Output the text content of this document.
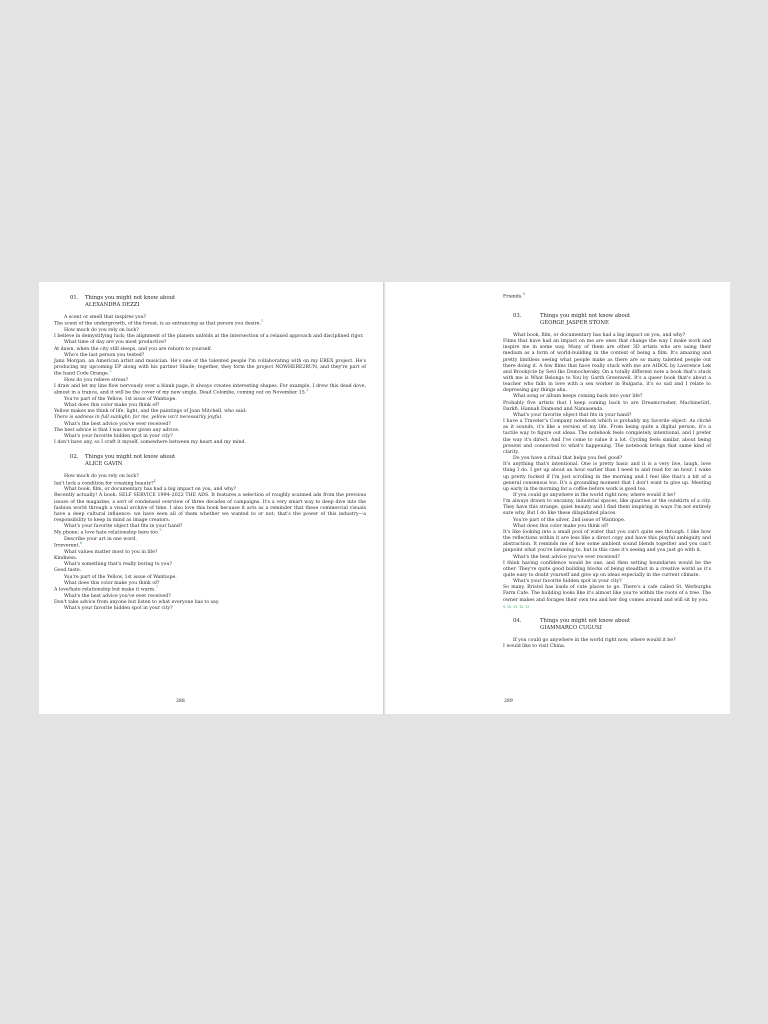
01.	Things you might not know about
ALEXANDRA DEZZI

A scent or smell that inspires you?

The scent of the undergrowth, of the forest, is as entrancing as that person you desire.$^1$

How much do you rely on luck?

I believe in demystifying luck; the alignment of the planets unfolds at the intersection of a relaxed approach and disciplined rigor.

What time of day are you most productive?

At dawn, when the city still sleeps, and you are reborn to yourself.

Who's the last person you texted?

Jami Morgan, an American artist and musician. He's one of the talented people I'm collaborating with on my EREX project. He's producing my upcoming EP along with his partner Shade; together, they form the project NOWHERE2RUN, and they're part of the band Code Orange.$^2$

How do you relieve stress?

I draw and let my line flow nervously over a blank page; it always creates interesting shapes. For example, I drew this dead dove, almost in a trance, and it will be the cover of my new single, Dead Colombe, coming out on November 15.$^3$

You're part of the Yellow, 1st issue of Wantiope.

What does this color make you think of?

Yellow makes me think of life, light, and the paintings of Joan Mitchell, who said:

There is sadness in full sunlight; for me, yellow isn't necessarily joyful.

What's the best advice you've ever received?

The best advice is that I was never given any advice.

What's your favorite hidden spot in your city?

I don't have any, so I craft it myself, somewhere between my heart and my mind.

02.	Things you might not know about
ALICE GAVIN

How much do you rely on luck?

Isn't luck a condition for creating beauty?$^4$

What book, film, or documentary has had a big impact on you, and why?

Recently actually! A book: SELF SERVICE 1994–2022 THE ADS. It features a selection of roughly scanned ads from the previous issues of the magazine, a sort of condensed overview of three decades of campaigns. It's a very smart way to deep dive into the fashion world through a visual archive of time. I also love this book because it acts as a reminder that these commercial visuals have a deep cultural influence: we have seen all of them whether we wanted to or not; that's the power of this industry—a responsibility to keep in mind as image creators.

What's your favorite object that fits in your hand?

My phone; a love hate relationship here too.$^5$

Describe your art in one word.

Irreverent.$^6$

What values matter most to you in life?

Kindness.

What's something that's really boring to you?

Good taste.

You're part of the Yellow, 1st issue of Wantiope.

What does this color make you think of?

A love/hate relationship but make it warm.$^7$

What's the best advice you've ever received?

Don't take advice from anyone but listen to what everyone has to say.

What's your favorite hidden spot in your city?

288

Friends.$^8$

03.	Things you might not know about
GEORGE JASPER STONE

What book, film, or documentary has had a big impact on you, and why?

Films that have had an impact on me are ones that change the way I make work and inspire me in some way. Many of them are other 3D artists who are using their medium as a form of world-building in the context of being a film. It's amazing and pretty limitless seeing what people make as there are so many talented people out there doing it. A few films that have really stuck with me are AIDOL by Lawrence Lek and Brookycle by Sevi Iko Domochevsky. On a totally different note a book that's stuck with me is What Belongs to You by Garth Greenwell. It's a queer book that's about a teacher who falls in love with a sex worker in Bulgaria, it's so sad and I relate to depressing gay things aha.

What song or album keeps coming back into your life?

Probably five artists that I keep coming back to are Dreamcrusher, MachineGirl, Darkfi, Hannah Diamond and Namasenda.

What's your favorite object that fits in your hand?

I have a Traveler's Company notebook which is probably my favorite object. As cliché as it sounds, it's like a version of my life. From being quite a digital person, it's a tactile way to figure out ideas. The notebook feels completely intentional, and I prefer the way it's direct. And I've come to value it a lot. Cycling feels similar, about being present and connected to what's happening. The notebook brings that same kind of clarity.

Do you have a ritual that helps you feel good?

It's anything that's intentional. One is pretty basic and it is a very live, laugh, love thing I do. I get up about an hour earlier than I need to and read for an hour. I wake up pretty fucked if I'm just scrolling in the morning and I feel like that's a bit of a general consensus too. It's a grounding moment that I don't want to give up. Meeting up early in the morning for a coffee before work is good too.

If you could go anywhere in the world right now, where would it be?

I'm always drawn to uncanny, industrial spaces, like quarries or the outskirts of a city. They have this strange, quiet beauty, and I find them inspiring in ways I'm not entirely sure why. But I do like these dilapidated places.

You're part of the silver, 2nd issue of Wantiope.

What does this color make you think of?

It's like looking into a small pool of water that you can't quite see through. I like how the reflections within it are less like a direct copy and have this playful ambiguity and abstraction. It reminds me of how some ambient sound blends together and you can't pinpoint what you're listening to, but in this case it's seeing and you just go with it.

What's the best advice you've ever received?

I think having confidence would be one, and then setting boundaries would be the other. They're quite good building blocks of being steadfast in a creative world as it's quite easy to doubt yourself and give up on ideas especially in the current climate.

What's your favorite hidden spot in your city?

So many, Bristol has loads of cute places to go. There's a cafe called St. Werburghs Farm Cafe. The building looks like it's almost like you're within the roots of a tree. The owner makes and forages their own tea and her dog comes around and will sit by you.

9, 10, 11, 12, 13

04.	Things you might not know about
GIAMMARCO CUGUSI

If you could go anywhere in the world right now, where would it be?

I would like to visit China.

289
